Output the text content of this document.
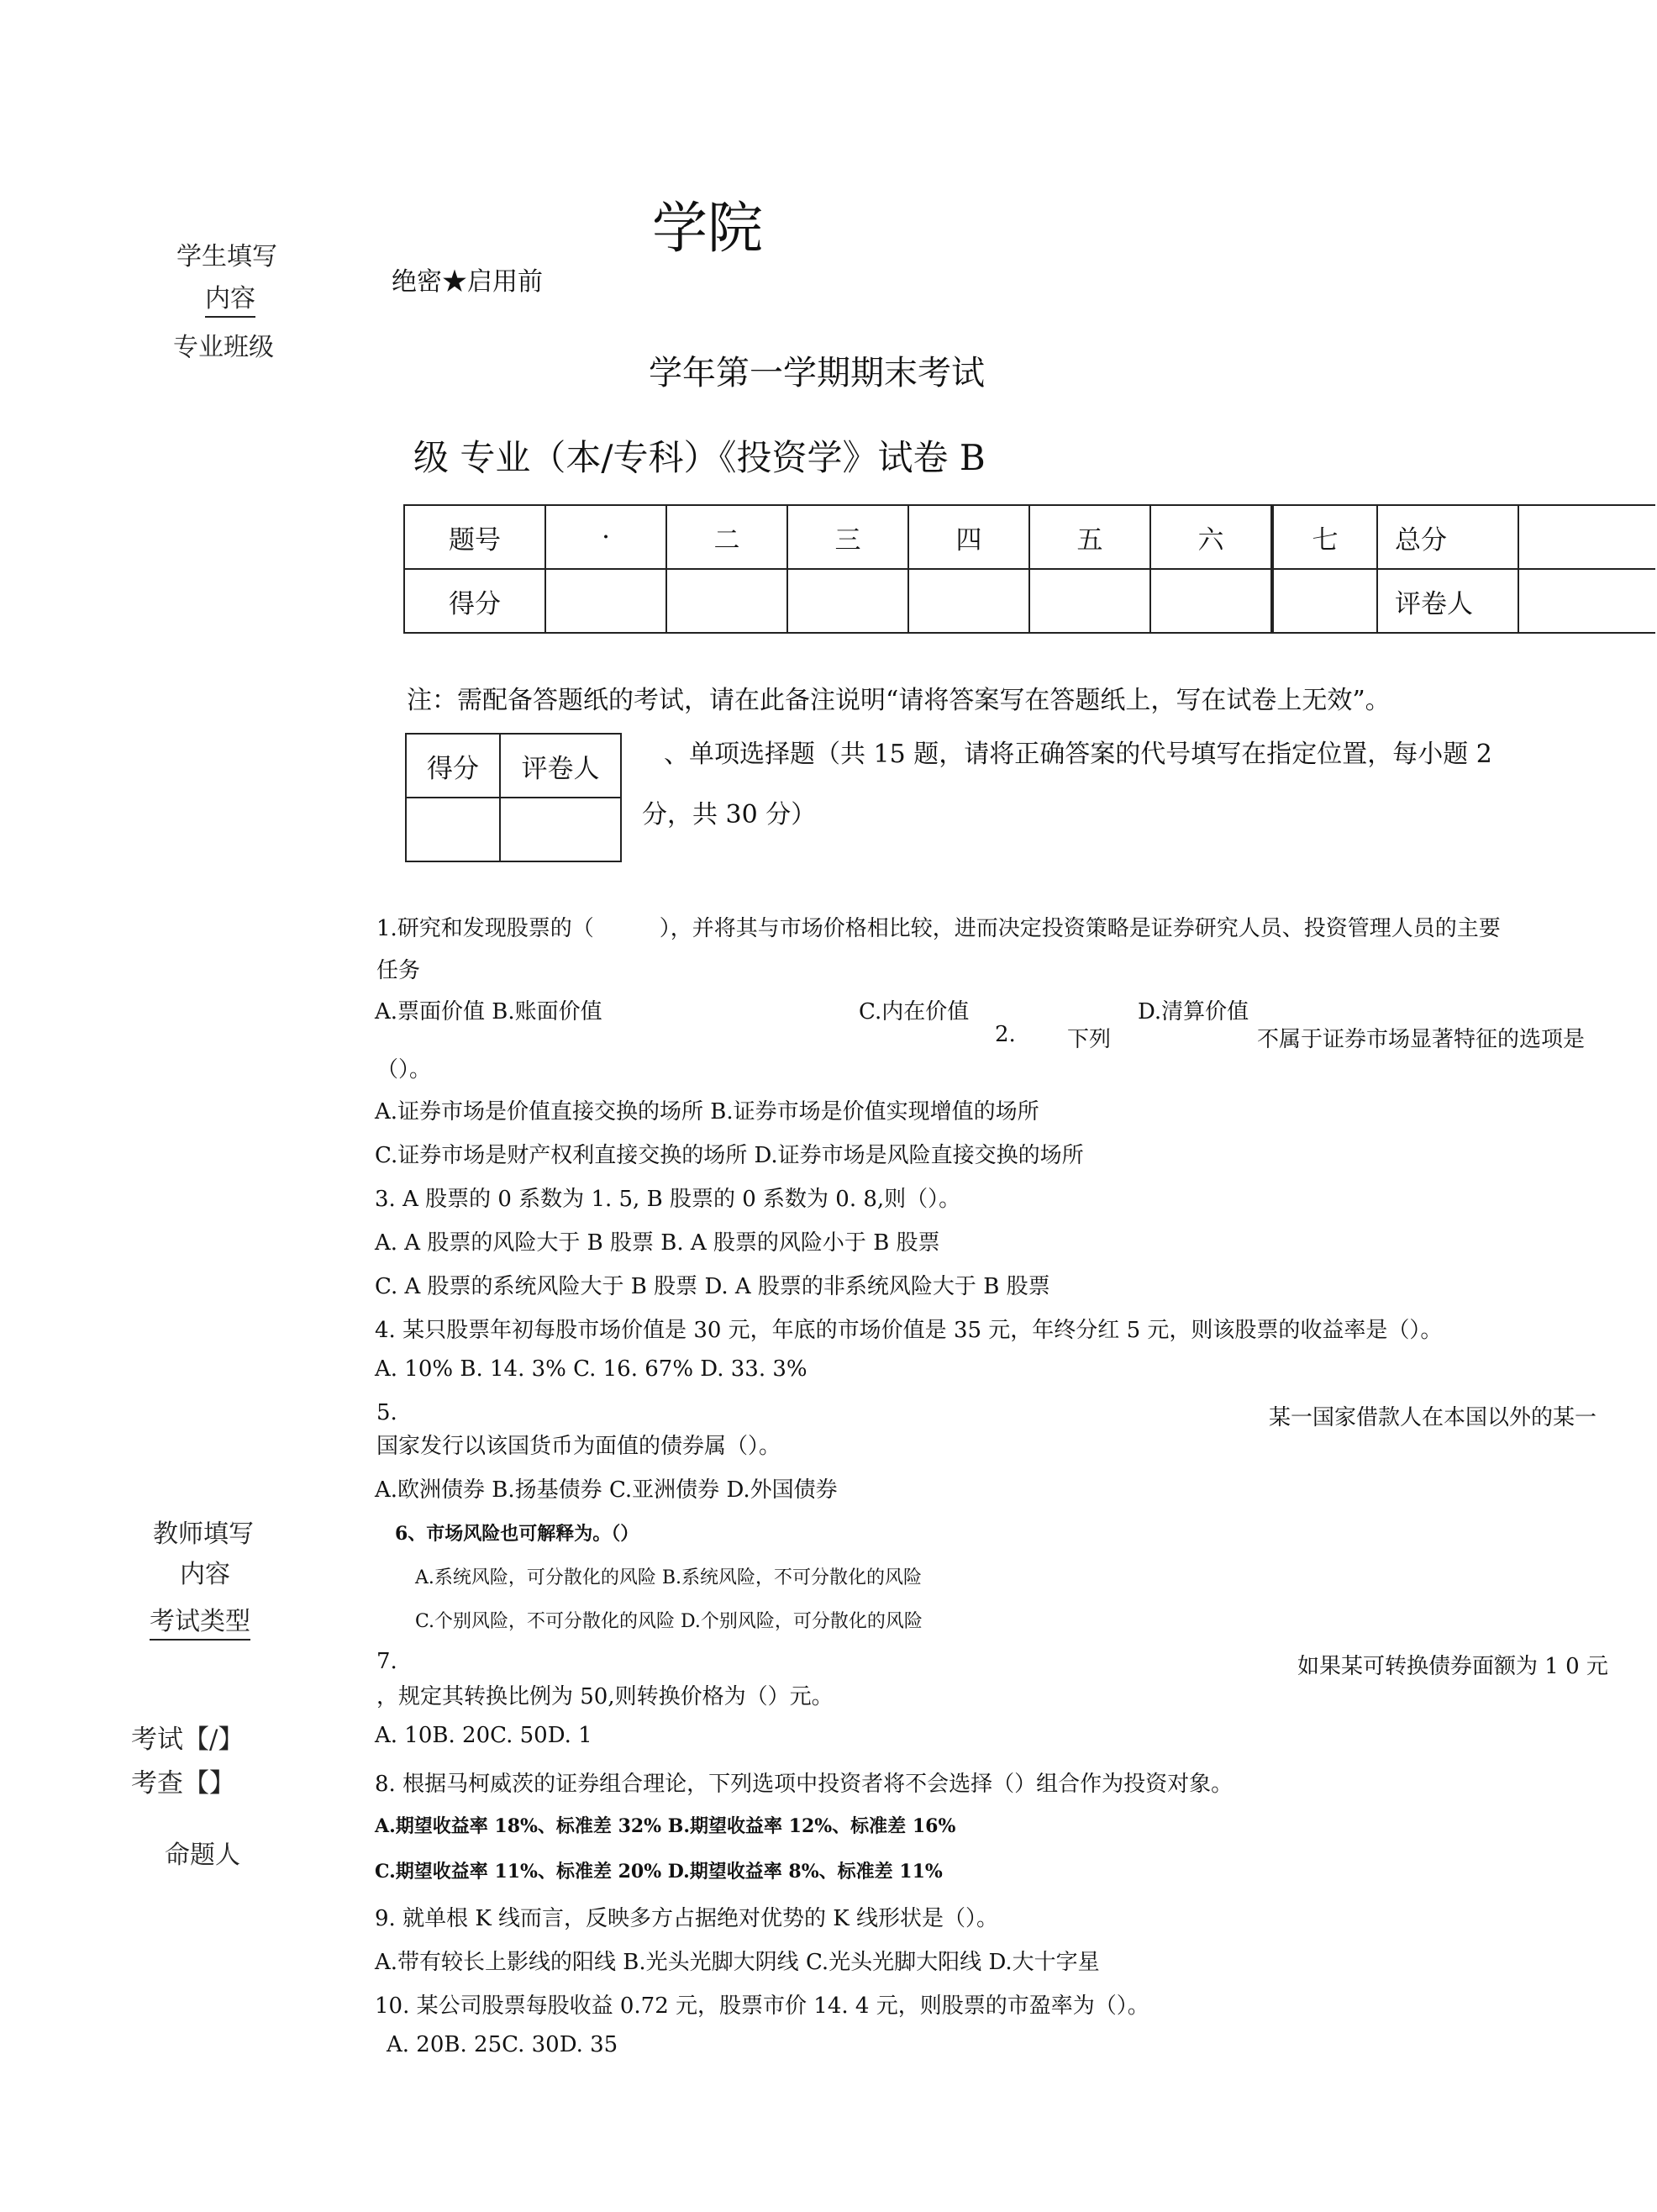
学生填写
内容
专业班级
学院
绝密★启用前
学年第一学期期末考试
级 专业（本/专科）《投资学》试卷 B
题号	·	二	三	四	五	六	七	总分	
得分								评卷人	
注：需配备答题纸的考试，请在此备注说明“请将答案写在答题纸上，写在试卷上无效”。
得分	评卷人
		、单项选择题（共 15 题，请将正确答案的代号填写在指定位置，每小题 2
分，共 30 分）
1.研究和发现股票的（　　　），并将其与市场价格相比较，进而决定投资策略是证券研究人员、投资管理人员的主要
任务
A.票面价值 B.账面价值	C.内在价值	D.清算价值
2. 下列	不属于证券市场显著特征的选项是
（）。
A.证券市场是价值直接交换的场所 B.证券市场是价值实现增值的场所
C.证券市场是财产权利直接交换的场所 D.证券市场是风险直接交换的场所
3. A 股票的 0 系数为 1. 5, B 股票的 0 系数为 0. 8,则（）。
A. A 股票的风险大于 B 股票 B. A 股票的风险小于 B 股票
C. A 股票的系统风险大于 B 股票 D. A 股票的非系统风险大于 B 股票
4. 某只股票年初每股市场价值是 30 元，年底的市场价值是 35 元，年终分红 5 元，则该股票的收益率是（）。
A. 10% B. 14. 3% C. 16. 67% D. 33. 3%
5.	某一国家借款人在本国以外的某一
国家发行以该国货币为面值的债券属（）。
A.欧洲债券 B.扬基债券 C.亚洲债券 D.外国债券
教师填写
内容
考试类型
6、市场风险也可解释为。（）
A.系统风险，可分散化的风险 B.系统风险，不可分散化的风险
C.个别风险，不可分散化的风险 D.个别风险，可分散化的风险
7.	如果某可转换债券面额为 1 0 元
，规定其转换比例为 50,则转换价格为（）元。
A. 10B. 20C. 50D. 1
考试【/】
考查【】
命题人
8. 根据马柯威茨的证券组合理论，下列选项中投资者将不会选择（）组合作为投资对象。
A.期望收益率 18%、标准差 32% B.期望收益率 12%、标准差 16%
C.期望收益率 11%、标准差 20% D.期望收益率 8%、标准差 11%
9. 就单根 K 线而言，反映多方占据绝对优势的 K 线形状是（）。
A.带有较长上影线的阳线 B.光头光脚大阴线 C.光头光脚大阳线 D.大十字星
10. 某公司股票每股收益 0.72 元，股票市价 14. 4 元，则股票的市盈率为（）。
A. 20B. 25C. 30D. 35
